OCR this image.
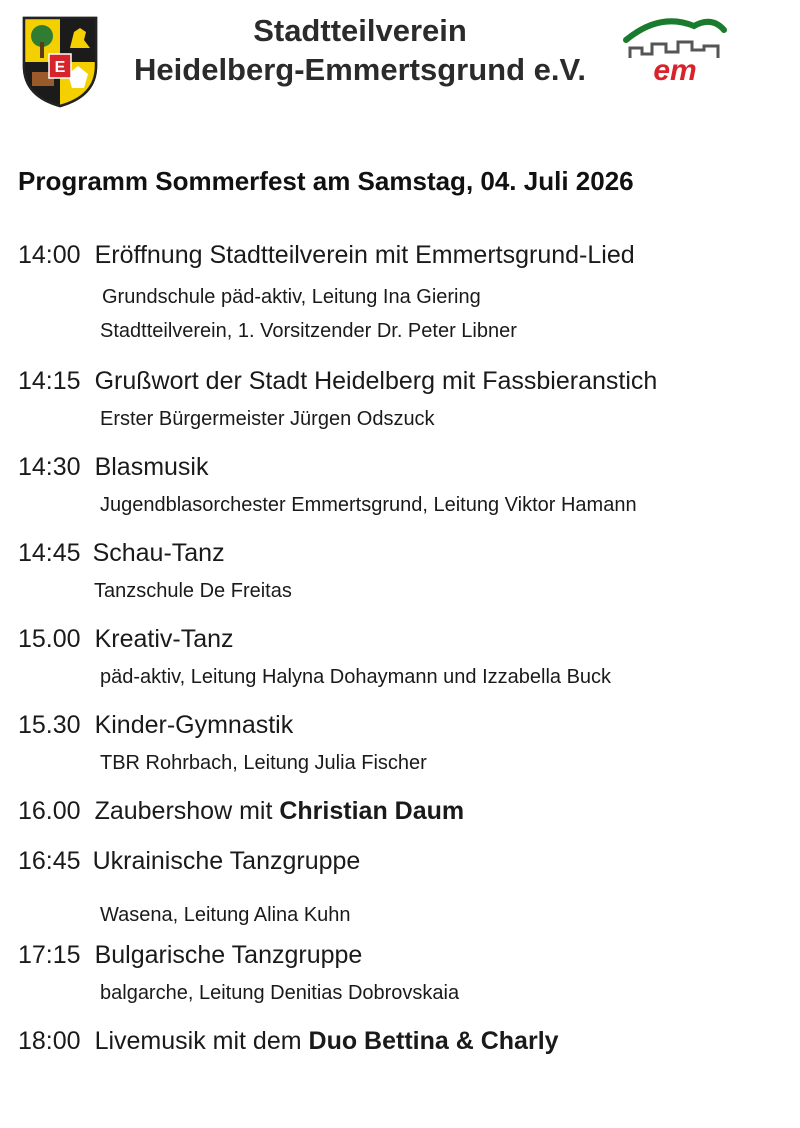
E
Stadtteilverein
Heidelberg-Emmertsgrund e.V.	em
Programm Sommerfest am Samstag, 04. Juli 2026
14:00 Eröffnung Stadtteilverein mit Emmertsgrund-Lied
Grundschule päd-aktiv, Leitung Ina Giering
Stadtteilverein, 1. Vorsitzender Dr. Peter Libner
14:15 Grußwort der Stadt Heidelberg mit Fassbieranstich
Erster Bürgermeister Jürgen Odszuck
14:30 Blasmusik
Jugendblasorchester Emmertsgrund, Leitung Viktor Hamann
14:45 Schau-Tanz
Tanzschule De Freitas
15.00 Kreativ-Tanz
päd-aktiv, Leitung Halyna Dohaymann und Izzabella Buck
15.30 Kinder-Gymnastik
TBR Rohrbach, Leitung Julia Fischer
16.00 Zaubershow mit Christian Daum
16:45 Ukrainische Tanzgruppe
Wasena, Leitung Alina Kuhn
17:15 Bulgarische Tanzgruppe
balgarche, Leitung Denitias Dobrovskaia
18:00 Livemusik mit dem Duo Bettina & Charly
